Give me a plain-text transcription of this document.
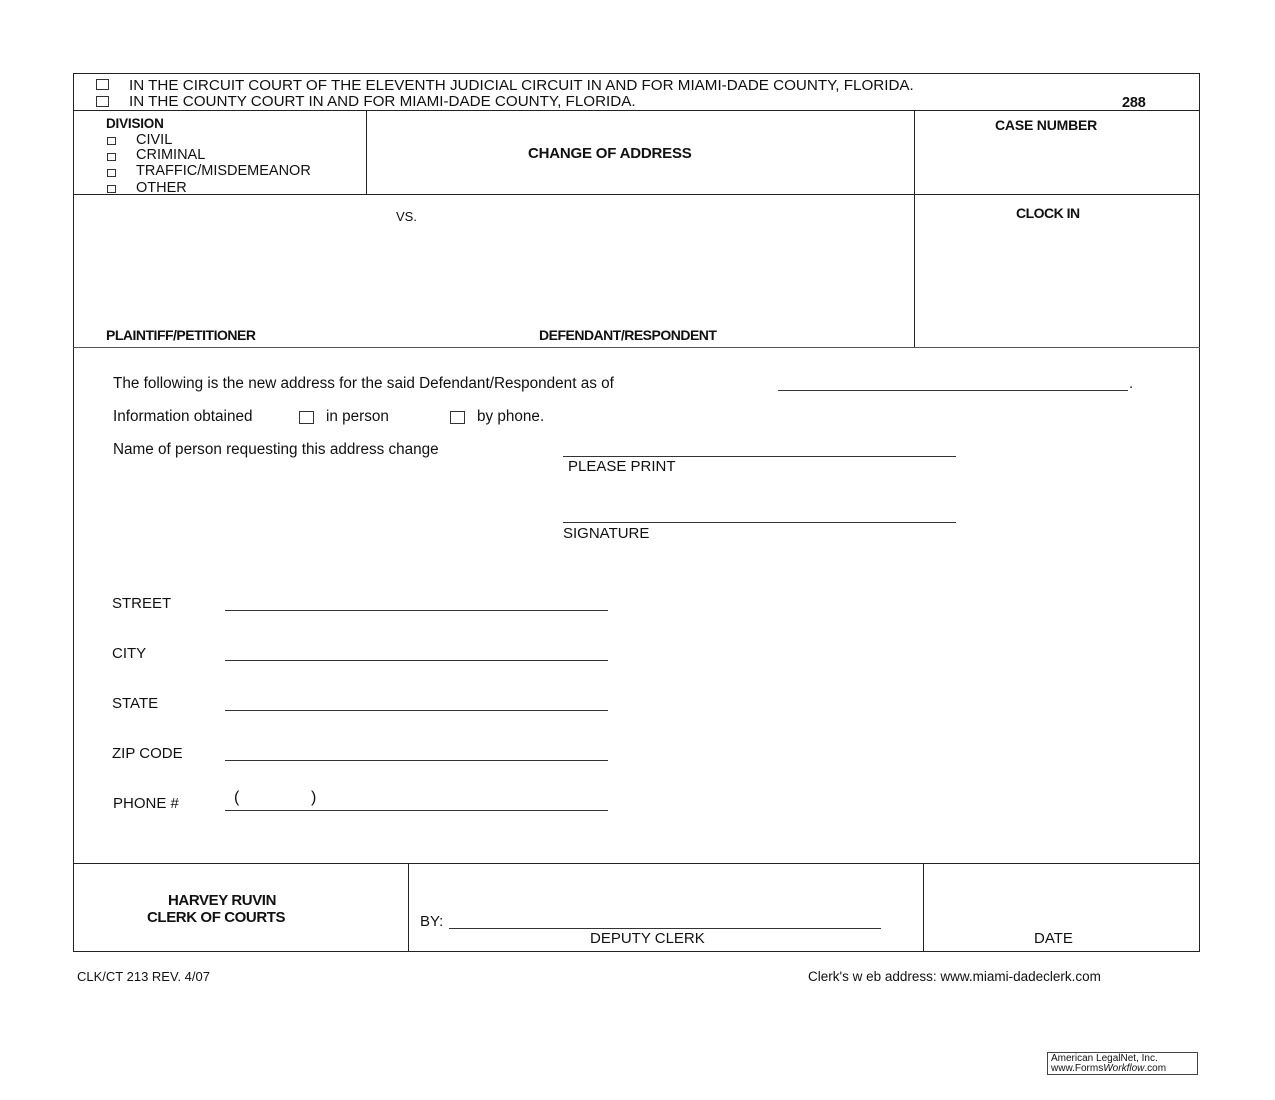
IN THE CIRCUIT COURT OF THE ELEVENTH JUDICIAL CIRCUIT IN AND FOR MIAMI-DADE COUNTY, FLORIDA.
IN THE COUNTY COURT IN AND FOR MIAMI-DADE COUNTY, FLORIDA.	288
DIVISION
CIVIL
CRIMINAL
TRAFFIC/MISDEMEANOR
OTHER
CHANGE OF ADDRESS
CASE NUMBER
VS.
PLAINTIFF/PETITIONER	DEFENDANT/RESPONDENT
CLOCK IN
The following is the new address for the said Defendant/Respondent as of	.
Information obtained	in person	by phone.
Name of person requesting this address change
PLEASE PRINT
SIGNATURE
STREET
CITY
STATE
ZIP CODE
PHONE #	(	)
HARVEY RUVIN
CLERK OF COURTS	BY:
DEPUTY CLERK	DATE
CLK/CT 213 REV. 4/07	Clerk's w eb address: www.miami-dadeclerk.com
American LegalNet, Inc.
www.FormsWorkflow.com
